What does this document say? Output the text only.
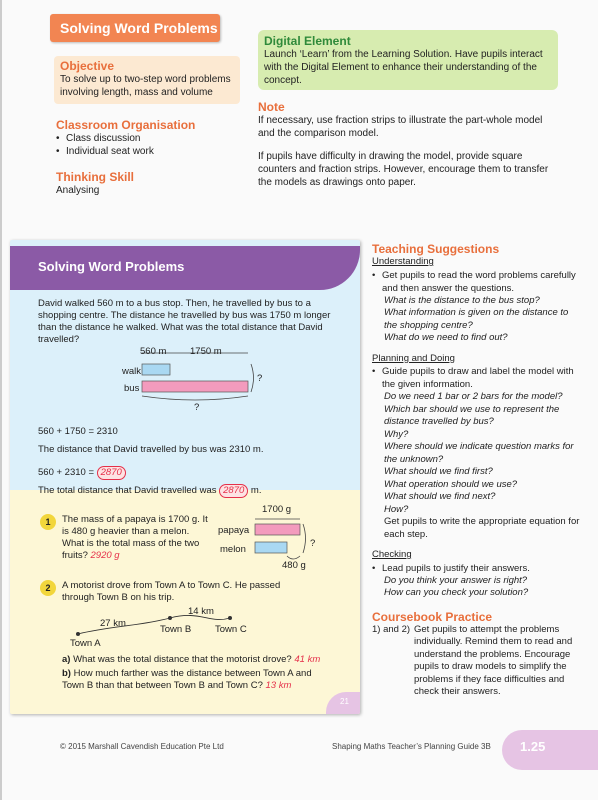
Solving Word Problems
Objective
To solve up to two-step word problems involving length, mass and volume
Classroom Organisation
• Class discussion
• Individual seat work
Thinking Skill
Analysing
Digital Element
Launch ‘Learn’ from the Learning Solution. Have pupils interact with the Digital Element to enhance their understanding of the concept.
Note
If necessary, use fraction strips to illustrate the part-whole model and the comparison model.
If pupils have difficulty in drawing the model, provide square counters and fraction strips. However, encourage them to transfer the models as drawings onto paper.
Solving Word Problems
David walked 560 m to a bus stop. Then, he travelled by bus to a shopping centre. The distance he travelled by bus was 1750 m longer than the distance he walked. What was the total distance that David travelled?
560 m 1750 m
walk
bus
?
?
560 + 1750 = 2310
The distance that David travelled by bus was 2310 m.
560 + 2310 = 2870
The total distance that David travelled was 2870 m.
1	The mass of a papaya is 1700 g. It is 480 g heavier than a melon. What is the total mass of the two fruits? 2920 g
1700 g
papaya
melon
?
480 g
2	A motorist drove from Town A to Town C. He passed through Town B on his trip.
27 km
14 km
Town A
Town B	Town C
a) What was the total distance that the motorist drove? 41 km
b) How much farther was the distance between Town A and Town B than that between Town B and Town C? 13 km
21
Teaching Suggestions
Understanding
• Get pupils to read the word problems carefully and then answer the questions.
What is the distance to the bus stop?
What information is given on the distance to the shopping centre?
What do we need to find out?
Planning and Doing
• Guide pupils to draw and label the model with the given information.
Do we need 1 bar or 2 bars for the model?
Which bar should we use to represent the distance travelled by bus?
Why?
Where should we indicate question marks for the unknown?
What should we find first?
What operation should we use?
What should we find next?
How?
Get pupils to write the appropriate equation for each step.
Checking
• Lead pupils to justify their answers.
Do you think your answer is right?
How can you check your solution?
Coursebook Practice
1) and 2) Get pupils to attempt the problems individually. Remind them to read and understand the problems. Encourage pupils to draw models to simplify the problems if they face difficulties and check their answers.
© 2015 Marshall Cavendish Education Pte Ltd	Shaping Maths Teacher’s Planning Guide 3B	1.25
